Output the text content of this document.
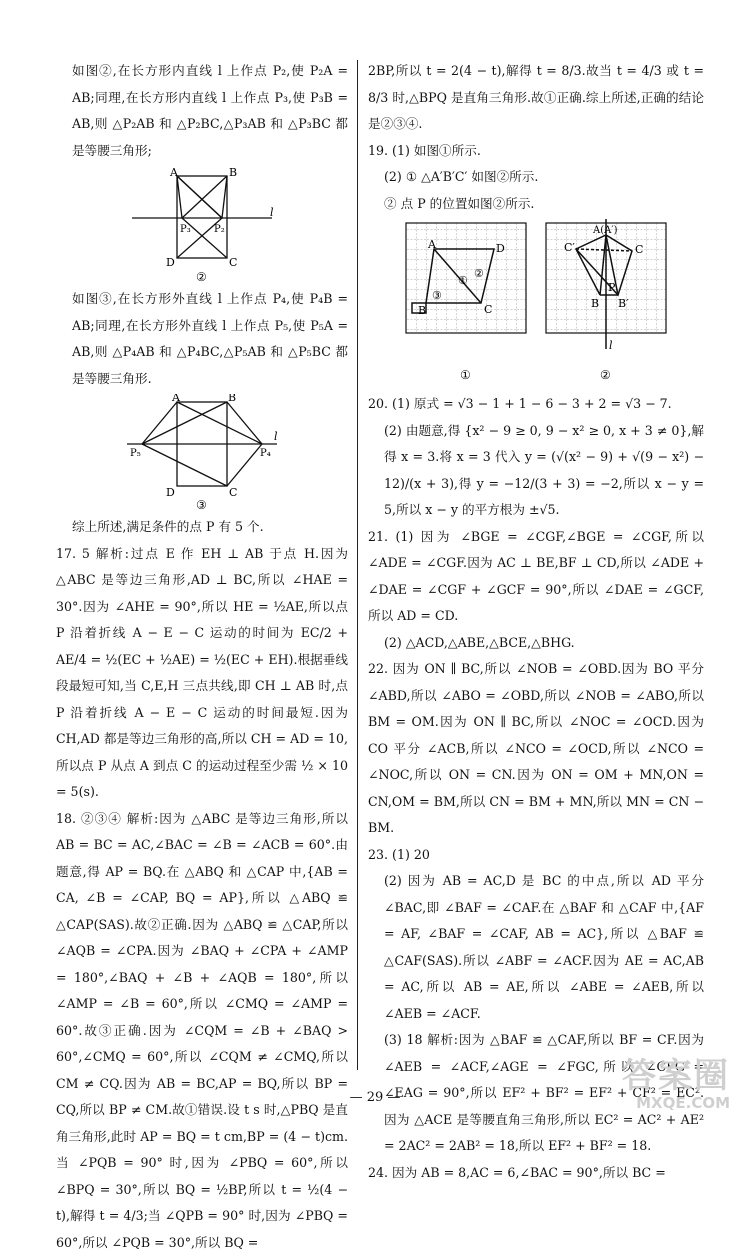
如图②,在长方形内直线 l 上作点 P₂,使 P₂A = AB;同理,在长方形内直线 l 上作点 P₃,使 P₃B = AB,则 △P₂AB 和 △P₂BC,△P₃AB 和 △P₃BC 都是等腰三角形;

A	B
C
D
P₃ P₂
l
②

如图③,在长方形外直线 l 上作点 P₄,使 P₄B = AB;同理,在长方形外直线 l 上作点 P₅,使 P₅A = AB,则 △P₄AB 和 △P₄BC,△P₅AB 和 △P₅BC 都是等腰三角形.

A	B
C
D
P₅	P₄
l
③

综上所述,满足条件的点 P 有 5 个.

17. 5 解析:过点 E 作 EH ⊥ AB 于点 H.因为 △ABC 是等边三角形,AD ⊥ BC,所以 ∠HAE = 30°.因为 ∠AHE = 90°,所以 HE = ½AE,所以点 P 沿着折线 A − E − C 运动的时间为 EC/2 + AE/4 = ½(EC + ½AE) = ½(EC + EH).根据垂线段最短可知,当 C,E,H 三点共线,即 CH ⊥ AB 时,点 P 沿着折线 A − E − C 运动的时间最短.因为 CH,AD 都是等边三角形的高,所以 CH = AD = 10,所以点 P 从点 A 到点 C 的运动过程至少需 ½ × 10 = 5(s).

18. ②③④ 解析:因为 △ABC 是等边三角形,所以 AB = BC = AC,∠BAC = ∠B = ∠ACB = 60°.由题意,得 AP = BQ.在 △ABQ 和 △CAP 中,{AB = CA, ∠B = ∠CAP, BQ = AP},所以 △ABQ ≌ △CAP(SAS).故②正确.因为 △ABQ ≌ △CAP,所以 ∠AQB = ∠CPA.因为 ∠BAQ + ∠CPA + ∠AMP = 180°,∠BAQ + ∠B + ∠AQB = 180°,所以 ∠AMP = ∠B = 60°,所以 ∠CMQ = ∠AMP = 60°.故③正确.因为 ∠CQM = ∠B + ∠BAQ > 60°,∠CMQ = 60°,所以 ∠CQM ≠ ∠CMQ,所以 CM ≠ CQ.因为 AB = BC,AP = BQ,所以 BP = CQ,所以 BP ≠ CM.故①错误.设 t s 时,△PBQ 是直角三角形,此时 AP = BQ = t cm,BP = (4 − t)cm.当 ∠PQB = 90° 时,因为 ∠PBQ = 60°,所以 ∠BPQ = 30°,所以 BQ = ½BP,所以 t = ½(4 − t),解得 t = 4/3;当 ∠QPB = 90° 时,因为 ∠PBQ = 60°,所以 ∠PQB = 30°,所以 BQ =

2BP,所以 t = 2(4 − t),解得 t = 8/3.故当 t = 4/3 或 t = 8/3 时,△BPQ 是直角三角形.故①正确.综上所述,正确的结论是②③④.

19. (1) 如图①所示.

(2) ① △A′B′C′ 如图②所示.

② 点 P 的位置如图②所示.

A	D
B	C
①
②
③
A(A′)
C′	C
B′
B
P
l
①	②

20. (1) 原式 = √3 − 1 + 1 − 6 − 3 + 2 = √3 − 7.

(2) 由题意,得 {x² − 9 ≥ 0, 9 − x² ≥ 0, x + 3 ≠ 0},解得 x = 3.将 x = 3 代入 y = (√(x² − 9) + √(9 − x²) − 12)/(x + 3),得 y = −12/(3 + 3) = −2,所以 x − y = 5,所以 x − y 的平方根为 ±√5.

21. (1) 因为 ∠BGE = ∠CGF,∠BGE = ∠CGF,所以 ∠ADE = ∠CGF.因为 AC ⊥ BE,BF ⊥ CD,所以 ∠ADE + ∠DAE = ∠CGF + ∠GCF = 90°,所以 ∠DAE = ∠GCF,所以 AD = CD.

(2) △ACD,△ABE,△BCE,△BHG.

22. 因为 ON ∥ BC,所以 ∠NOB = ∠OBD.因为 BO 平分 ∠ABD,所以 ∠ABO = ∠OBD,所以 ∠NOB = ∠ABO,所以 BM = OM.因为 ON ∥ BC,所以 ∠NOC = ∠OCD.因为 CO 平分 ∠ACB,所以 ∠NCO = ∠OCD,所以 ∠NCO = ∠NOC,所以 ON = CN.因为 ON = OM + MN,ON = CN,OM = BM,所以 CN = BM + MN,所以 MN = CN − BM.

23. (1) 20

(2) 因为 AB = AC,D 是 BC 的中点,所以 AD 平分 ∠BAC,即 ∠BAF = ∠CAF.在 △BAF 和 △CAF 中,{AF = AF, ∠BAF = ∠CAF, AB = AC},所以 △BAF ≌ △CAF(SAS).所以 ∠ABF = ∠ACF.因为 AE = AC,AB = AC,所以 AB = AE,所以 ∠ABE = ∠AEB,所以 ∠AEB = ∠ACF.

(3) 18 解析:因为 △BAF ≌ △CAF,所以 BF = CF.因为 ∠AEB = ∠ACF,∠AGE = ∠FGC,所以 ∠CFG = ∠EAG = 90°,所以 EF² + BF² = EF² + CF² = EC².因为 △ACE 是等腰直角三角形,所以 EC² = AC² + AE² = 2AC² = 2AB² = 18,所以 EF² + BF² = 18.

24. 因为 AB = 8,AC = 6,∠BAC = 90°,所以 BC =

— 29 —
答案圈
MXQE.COM
